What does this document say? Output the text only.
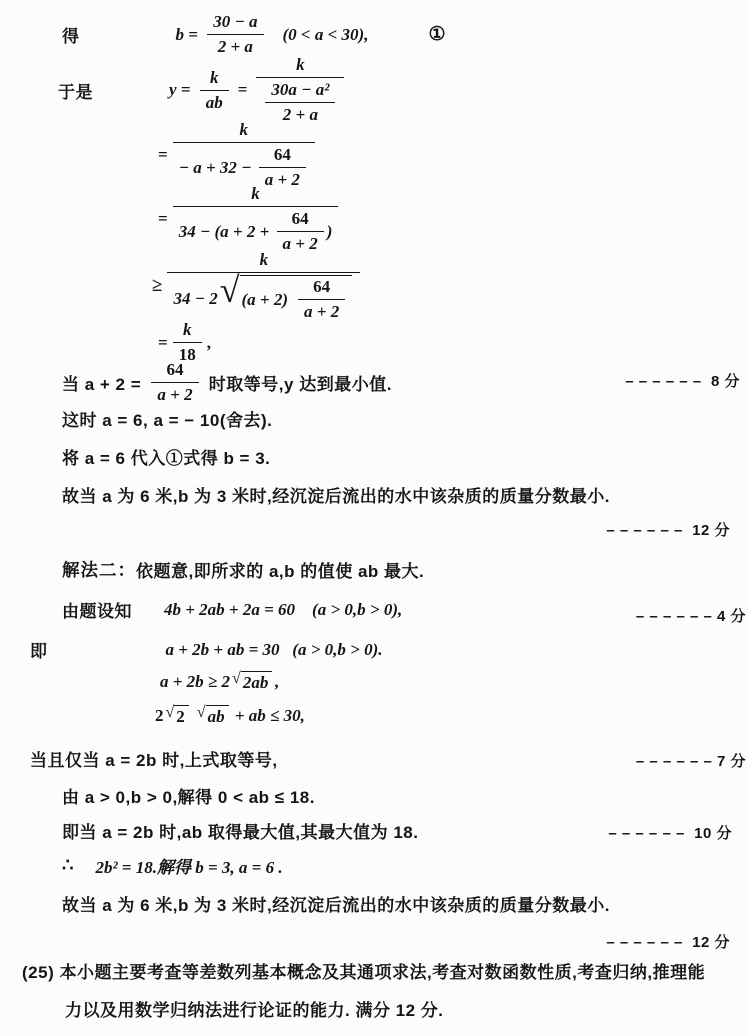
得	$b = \frac{30 - a}{2 + a} (0 < a < 30)$,	①
于是	$y = \frac{k}{ab} = \frac{k}{\frac{\text{30a − a²}}{2 + a}}$
= $\frac{k}{- a + 32 - \frac{64}{a + 2}}$
=
k
$34 - (a + 2 + \frac{64}{a + 2}$ )
≥
k
34 − 2 √ $(a + 2) \frac{64}{a + 2}$
= $\frac{k}{18}$ ,
当 $a + 2 = \frac{64}{a + 2}$ 时取等号,y 达到最小值.	– – – – – –  8 分
这时 a = 6, a = − 10(舍去).
将 a = 6 代入①式得 b = 3.
故当 a 为 6 米,b 为 3 米时,经沉淀后流出的水中该杂质的质量分数最小.
– – – – – –  12 分
解法二： 依题意,即所求的 a,b 的值使 ab 最大.
由题设知 4b + 2ab + 2a = 60    (a > 0,b > 0),	– – – – – – 4 分
即	a + 2b + ab = 30   (a > 0,b > 0).
a + 2b ≥ 2 √ 2ab ,
2 √ 2 √ ab + ab ≤ 30,
当且仅当 a = 2b 时,上式取等号,	– – – – – – 7 分
由 a > 0,b > 0,解得 0 < ab ≤ 18.
即当 a = 2b 时,ab 取得最大值,其最大值为 18.	– – – – – –  10 分
∴ 2b² = 18.解得 b = 3, a = 6 .
故当 a 为 6 米,b 为 3 米时,经沉淀后流出的水中该杂质的质量分数最小.
– – – – – –  12 分
(25) 本小题主要考查等差数列基本概念及其通项求法,考查对数函数性质,考查归纳,推理能
力以及用数学归纳法进行论证的能力. 满分 12 分.
